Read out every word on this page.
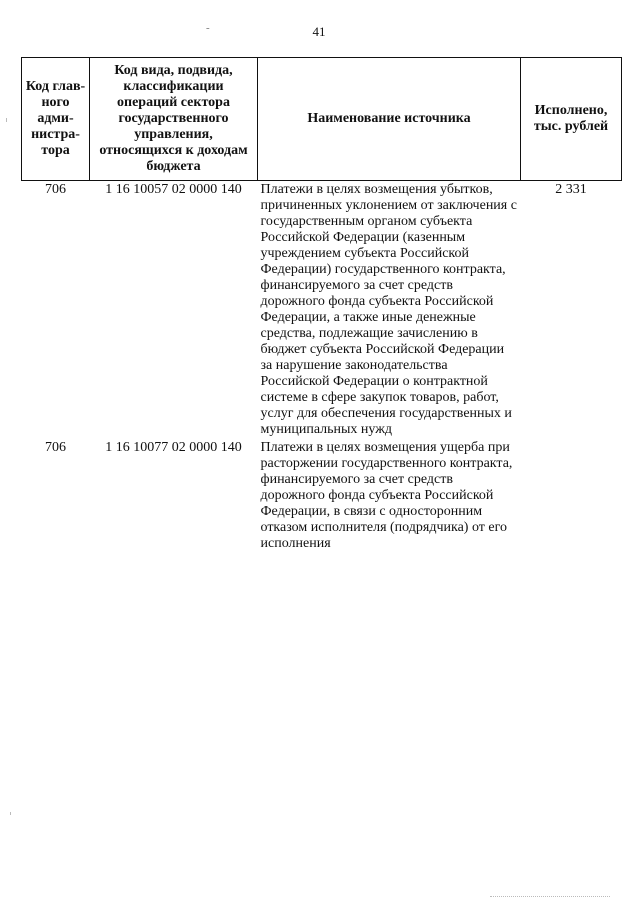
-	41
Код глав-ного адми-нистра-тора	Код вида, подвида, классификации операций сектора государственного управления, относящихся к доходам бюджета	Наименование источника	Исполнено, тыс. рублей
706	1 16 10057 02 0000 140	Платежи в целях возмещения убытков, причиненных уклонением от заключения с государственным органом субъекта Российской Федерации (казенным учреждением субъекта Российской Федерации) государственного контракта, финансируемого за счет средств дорожного фонда субъекта Российской Федерации, а также иные денежные средства, подлежащие зачислению в бюджет субъекта Российской Федерации за нарушение законодательства Российской Федерации о контрактной системе в сфере закупок товаров, работ, услуг для обеспечения государственных и муниципальных нужд	2 331
706	1 16 10077 02 0000 140	Платежи в целях возмещения ущерба при расторжении государственного контракта, финансируемого за счет средств дорожного фонда субъекта Российской Федерации, в связи с односторонним отказом исполнителя (подрядчика) от его исполнения	
